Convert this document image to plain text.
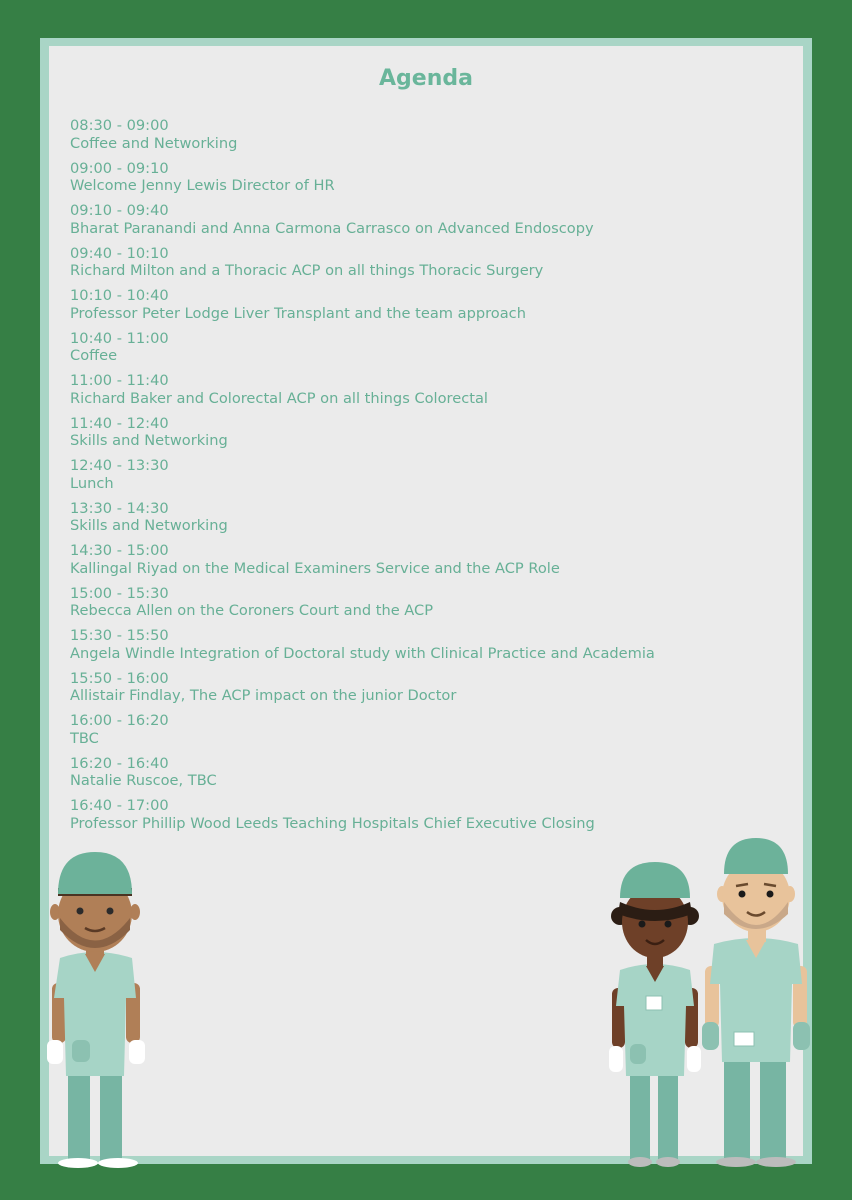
Agenda
08:30 - 09:00
Coffee and Networking
09:00 - 09:10
Welcome Jenny Lewis Director of HR
09:10 - 09:40
Bharat Paranandi and Anna Carmona Carrasco on Advanced Endoscopy
09:40 - 10:10
Richard Milton and a Thoracic ACP on all things Thoracic Surgery
10:10 - 10:40
Professor Peter Lodge Liver Transplant and the team approach
10:40 - 11:00
Coffee
11:00 - 11:40
Richard Baker and Colorectal ACP on all things Colorectal
11:40 - 12:40
Skills and Networking
12:40 - 13:30
Lunch
13:30 - 14:30
Skills and Networking
14:30 - 15:00
Kallingal Riyad on the Medical Examiners Service and the ACP Role
15:00 - 15:30
Rebecca Allen on the Coroners Court and the ACP
15:30 - 15:50
Angela Windle Integration of Doctoral study with Clinical Practice and Academia
15:50 - 16:00
Allistair Findlay, The ACP impact on the junior Doctor
16:00 - 16:20
TBC
16:20 - 16:40
Natalie Ruscoe, TBC
16:40 - 17:00
Professor Phillip Wood Leeds Teaching Hospitals Chief Executive Closing
